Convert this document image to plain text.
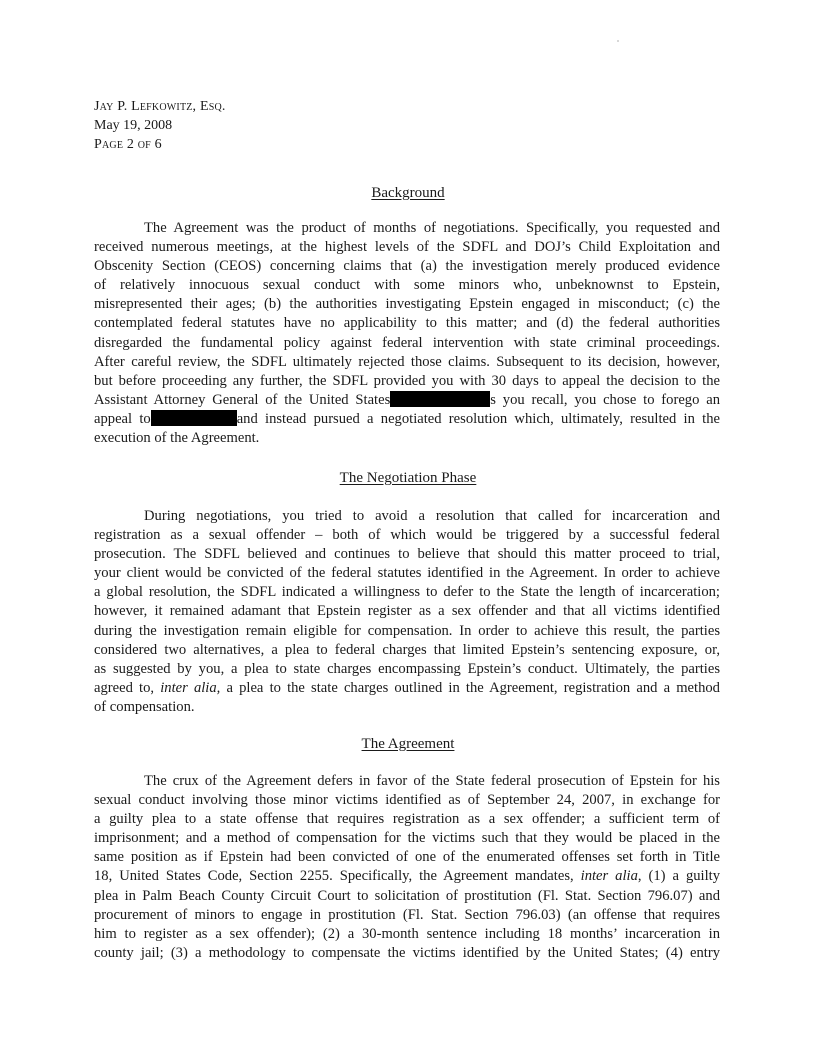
Jay P. Lefkowitz, Esq.
May 19, 2008
Page 2 of 6
Background
The Agreement was the product of months of negotiations. Specifically, you requested and
received numerous meetings, at the highest levels of the SDFL and DOJ’s Child Exploitation and
Obscenity Section (CEOS) concerning claims that (a) the investigation merely produced evidence
of relatively innocuous sexual conduct with some minors who, unbeknownst to Epstein,
misrepresented their ages; (b) the authorities investigating Epstein engaged in misconduct; (c) the
contemplated federal statutes have no applicability to this matter; and (d) the federal authorities
disregarded the fundamental policy against federal intervention with state criminal proceedings.
After careful review, the SDFL ultimately rejected those claims. Subsequent to its decision, however,
but before proceeding any further, the SDFL provided you with 30 days to appeal the decision to the
Assistant Attorney General of the United States	s you recall, you chose to forego an
appeal to	and instead pursued a negotiated resolution which, ultimately, resulted in the
execution of the Agreement.
The Negotiation Phase
During negotiations, you tried to avoid a resolution that called for incarceration and
registration as a sexual offender – both of which would be triggered by a successful federal
prosecution. The SDFL believed and continues to believe that should this matter proceed to trial,
your client would be convicted of the federal statutes identified in the Agreement. In order to achieve
a global resolution, the SDFL indicated a willingness to defer to the State the length of incarceration;
however, it remained adamant that Epstein register as a sex offender and that all victims identified
during the investigation remain eligible for compensation. In order to achieve this result, the parties
considered two alternatives, a plea to federal charges that limited Epstein’s sentencing exposure, or,
as suggested by you, a plea to state charges encompassing Epstein’s conduct. Ultimately, the parties
agreed to, inter alia, a plea to the state charges outlined in the Agreement, registration and a method
of compensation.
The Agreement
The crux of the Agreement defers in favor of the State federal prosecution of Epstein for his
sexual conduct involving those minor victims identified as of September 24, 2007, in exchange for
a guilty plea to a state offense that requires registration as a sex offender; a sufficient term of
imprisonment; and a method of compensation for the victims such that they would be placed in the
same position as if Epstein had been convicted of one of the enumerated offenses set forth in Title
18, United States Code, Section 2255. Specifically, the Agreement mandates, inter alia, (1) a guilty
plea in Palm Beach County Circuit Court to solicitation of prostitution (Fl. Stat. Section 796.07) and
procurement of minors to engage in prostitution (Fl. Stat. Section 796.03) (an offense that requires
him to register as a sex offender); (2) a 30-month sentence including 18 months’ incarceration in
county jail; (3) a methodology to compensate the victims identified by the United States; (4) entry
